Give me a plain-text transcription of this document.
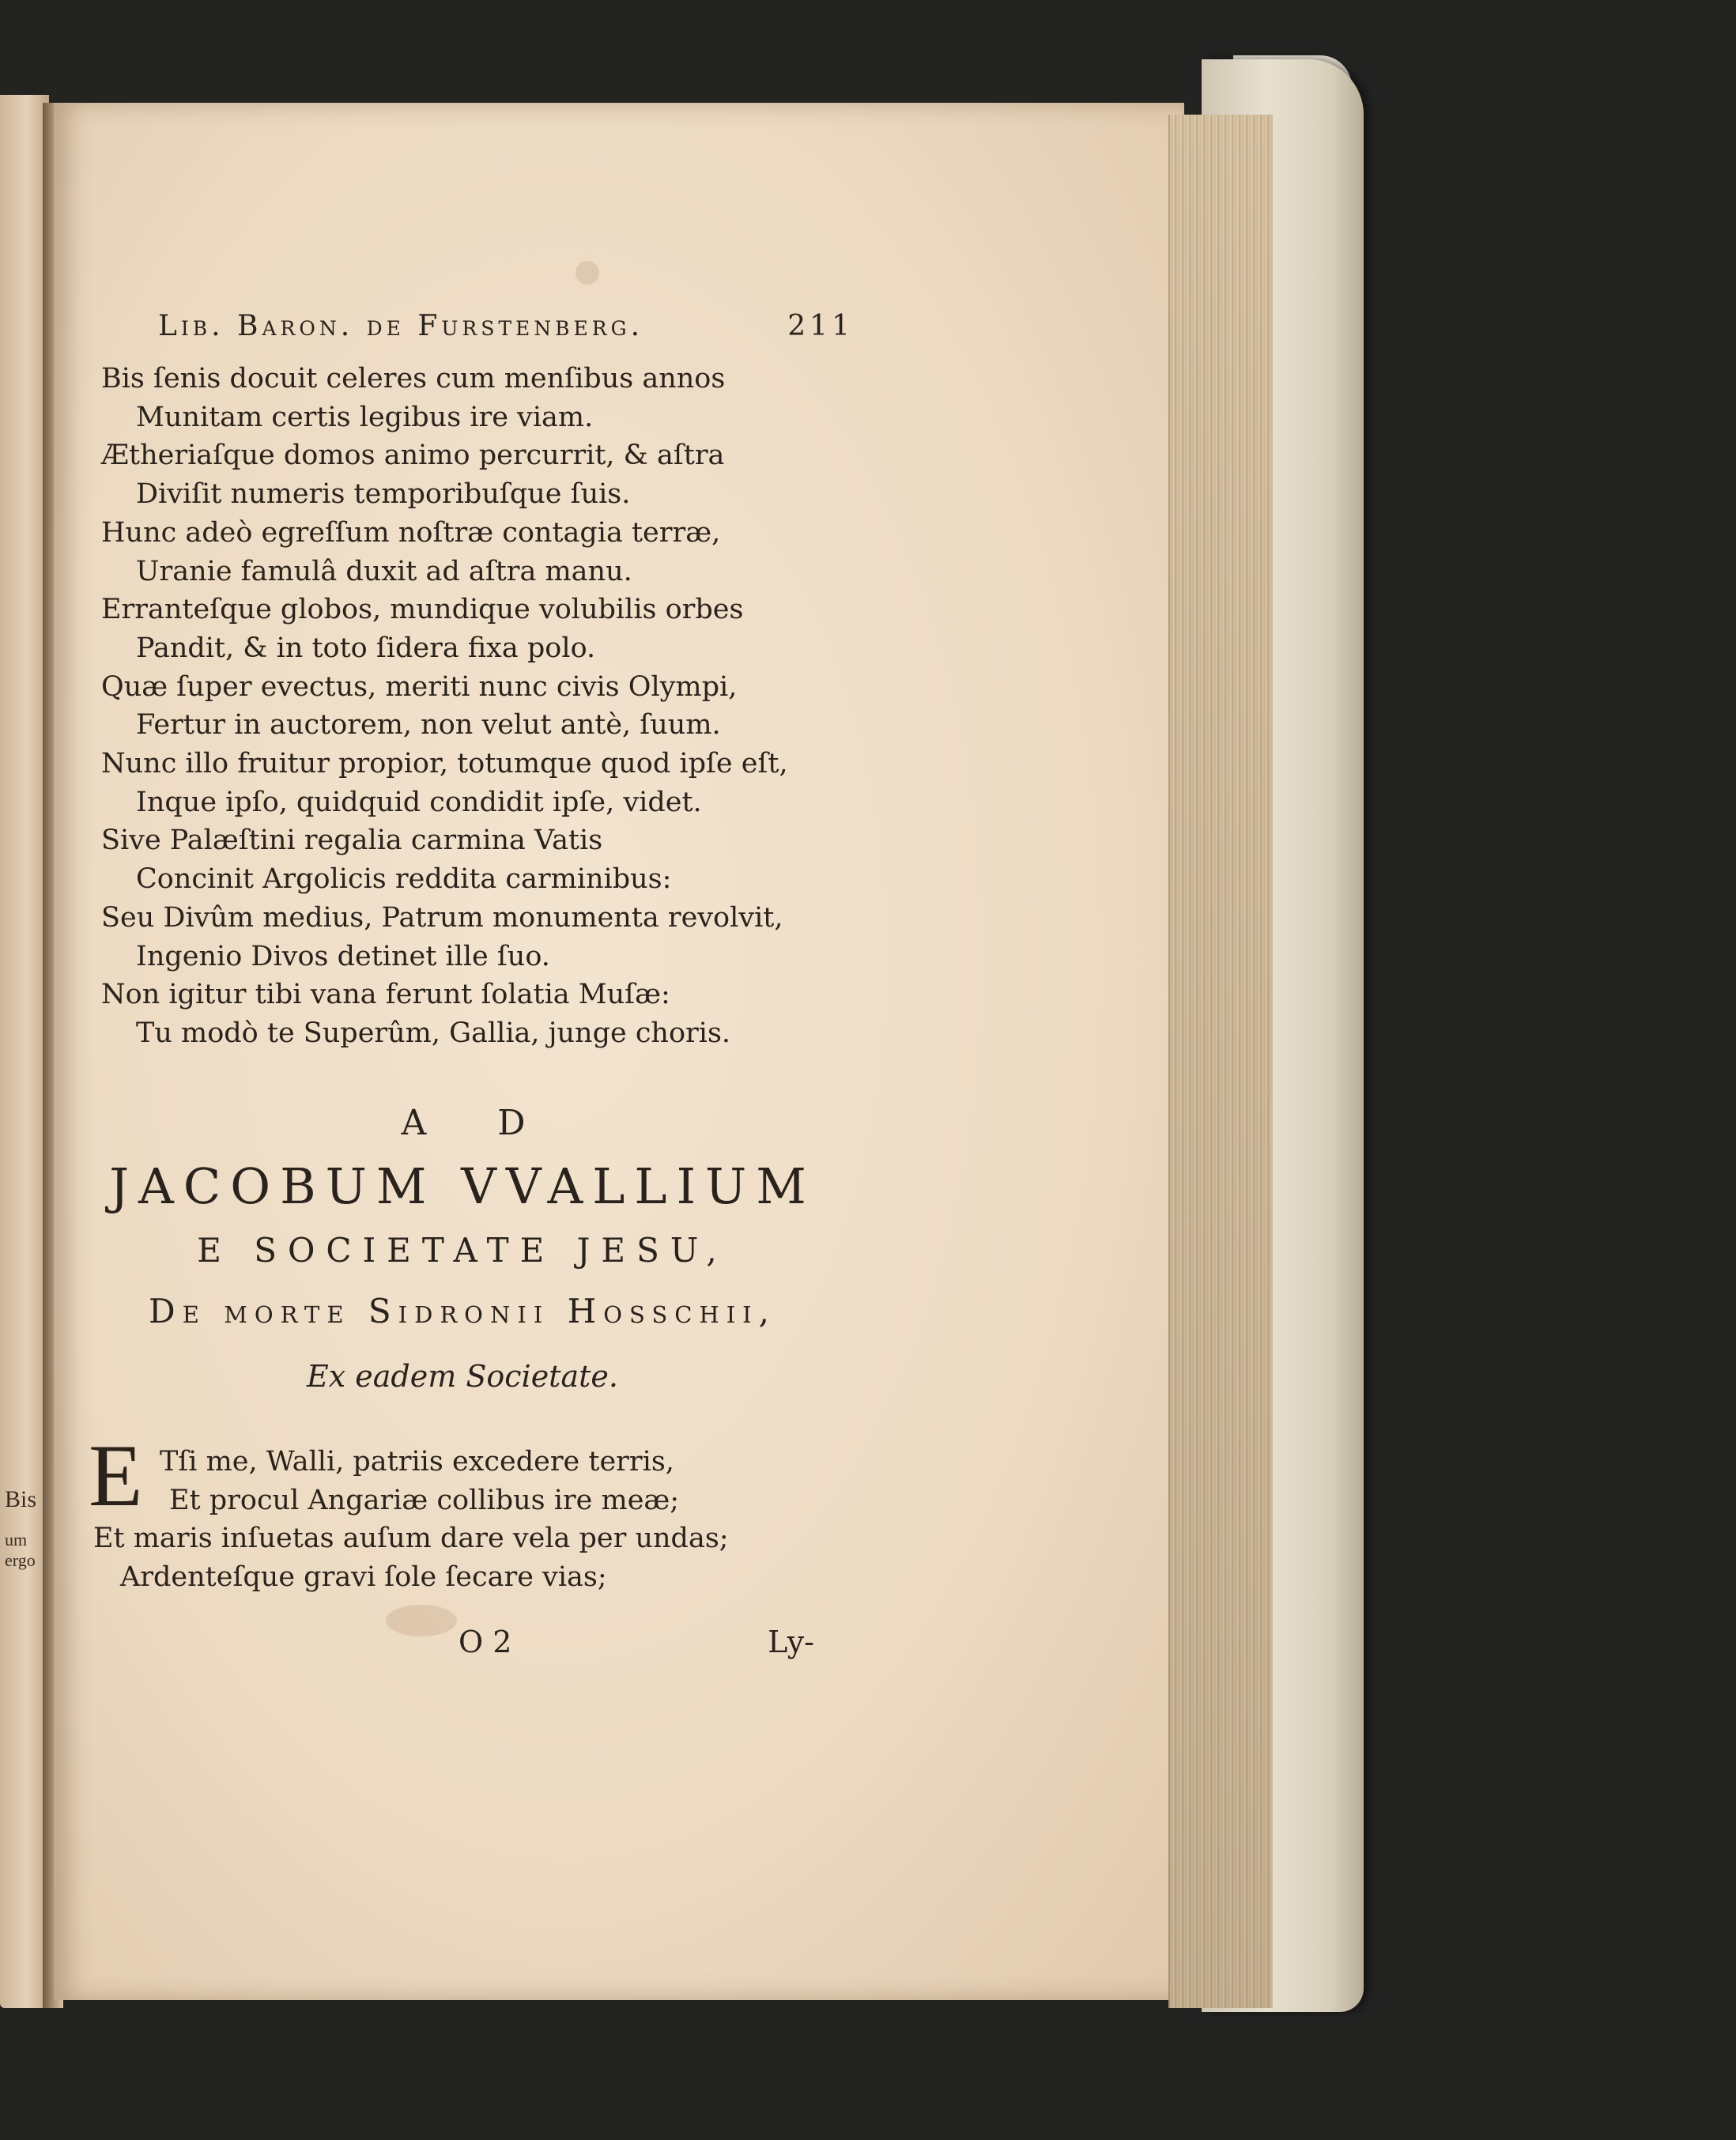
Bis
um ergo
Lib. Baron. de Furstenberg.	211
Bis ſenis docuit celeres cum menſibus annos
Munitam certis legibus ire viam.
Ætheriaſque domos animo percurrit, & aſtra
Diviſit numeris temporibuſque ſuis.
Hunc adeò egreſſum noſtræ contagia terræ,
Uranie famulâ duxit ad aſtra manu.
Erranteſque globos, mundique volubilis orbes
Pandit, & in toto ſidera fixa polo.
Quæ ſuper evectus, meriti nunc civis Olympi,
Fertur in auctorem, non velut antè, ſuum.
Nunc illo fruitur propior, totumque quod ipſe eſt,
Inque ipſo, quidquid condidit ipſe, videt.
Sive Palæſtini regalia carmina Vatis
Concinit Argolicis reddita carminibus:
Seu Divûm medius, Patrum monumenta revolvit,
Ingenio Divos detinet ille ſuo.
Non igitur tibi vana ferunt ſolatia Muſæ:
Tu modò te Superûm, Gallia, junge choris.
A D
JACOBUM VVALLIUM
E SOCIETATE JESU,
De morte Sidronii Hosschii,
Ex eadem Societate.
E Tſi me, Walli, patriis excedere terris,
Et procul Angariæ collibus ire meæ;
Et maris inſuetas auſum dare vela per undas;
Ardenteſque gravi ſole ſecare vias;
O 2	Ly-
